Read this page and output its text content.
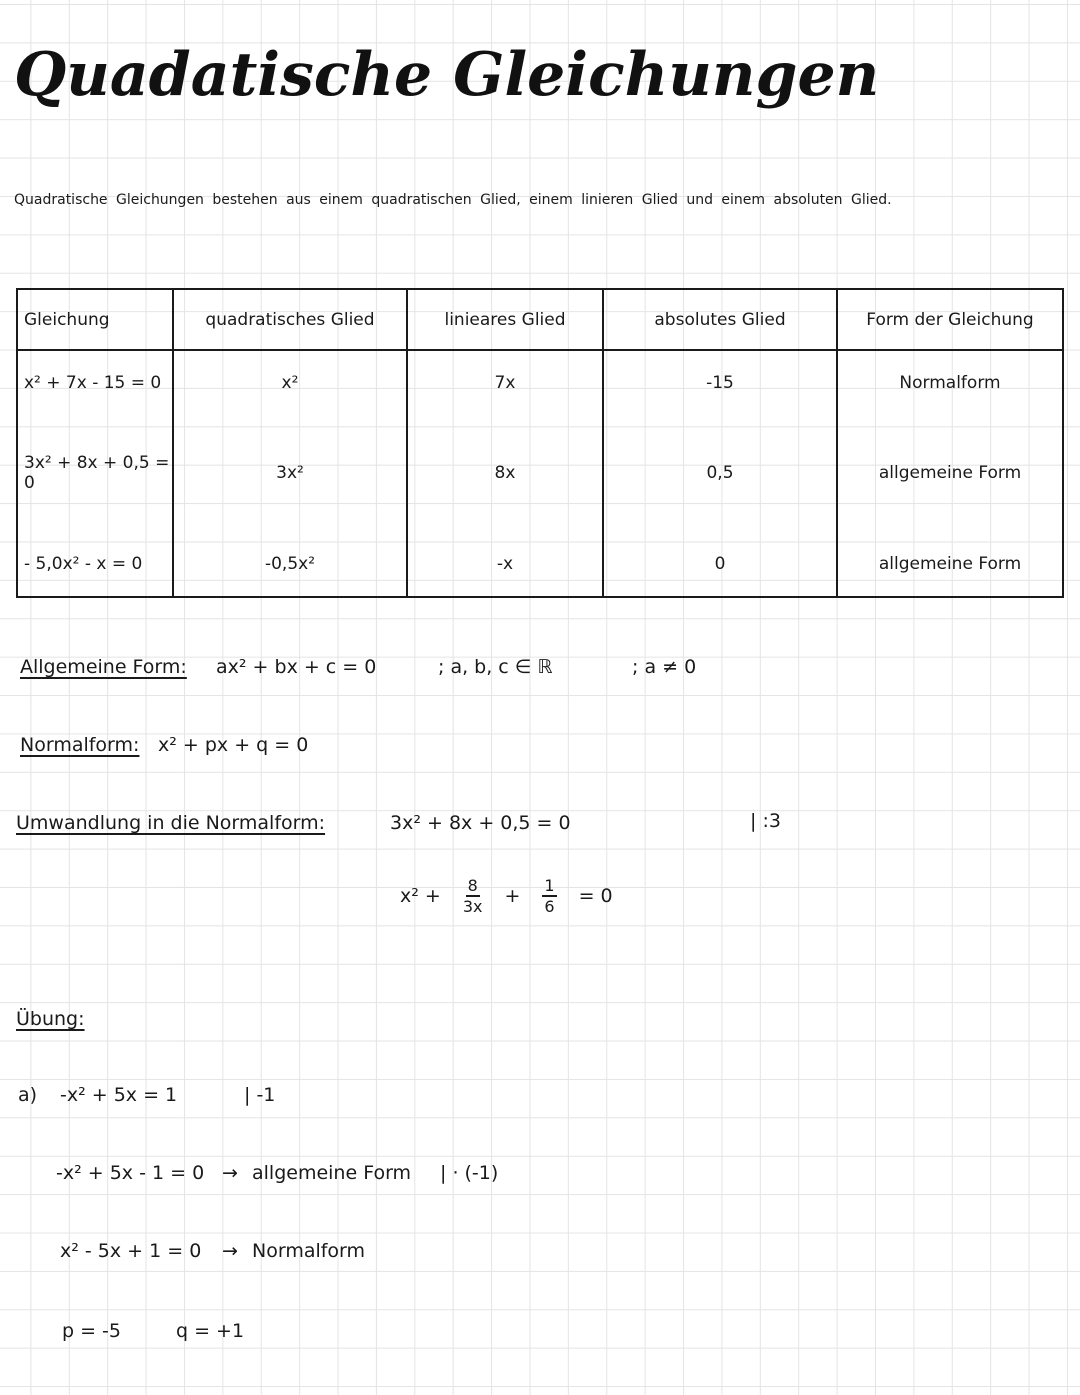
Quadatische Gleichungen
Quadratische Gleichungen bestehen aus einem quadratischen Glied, einem linieren Glied und einem absoluten Glied.
Gleichung	quadratisches Glied	linieares Glied	absolutes Glied	Form der Gleichung
x² + 7x - 15 = 0	x²	7x	-15	Normalform
3x² + 8x + 0,5 = 0	3x²	8x	0,5	allgemeine Form
- 5,0x² - x = 0	-0,5x²	-x	0	allgemeine Form
Allgemeine Form: ax² + bx + c = 0	; a, b, c ∈ ℝ	; a ≠ 0
Normalform: x² + px + q = 0
Umwandlung in die Normalform:	3x² + 8x + 0,5 = 0	| :3
$x^2 + \frac{8}{3x} + \frac{1}{6} = 0$
Übung:
a) -x² + 5x = 1	| -1
-x² + 5x - 1 = 0 → allgemeine Form | · (-1)
x² - 5x + 1 = 0 → Normalform
p = -5	q = +1
